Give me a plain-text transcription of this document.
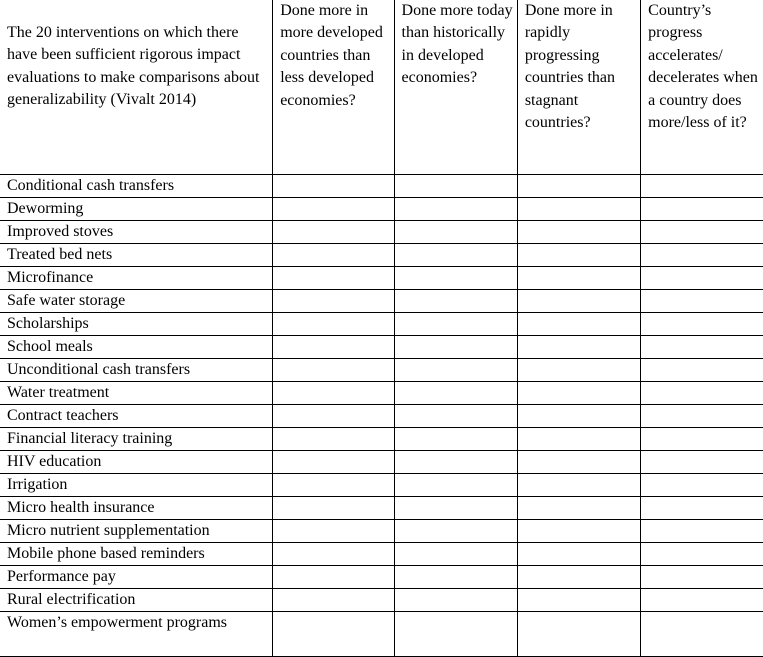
The 20 interventions on which there have been sufficient rigorous impact evaluations to make comparisons about generalizability (Vivalt 2014)	Done more in more developed countries than less developed economies?	Done more today than historically in developed economies?	Done more in rapidly progressing countries than stagnant countries?	Country’s progress accelerates/ decelerates when a country does more/less of it?
Conditional cash transfers				
Deworming				
Improved stoves				
Treated bed nets				
Microfinance				
Safe water storage				
Scholarships				
School meals				
Unconditional cash transfers				
Water treatment				
Contract teachers				
Financial literacy training				
HIV education				
Irrigation				
Micro health insurance				
Micro nutrient supplementation				
Mobile phone based reminders				
Performance pay				
Rural electrification				
Women’s empowerment programs				
